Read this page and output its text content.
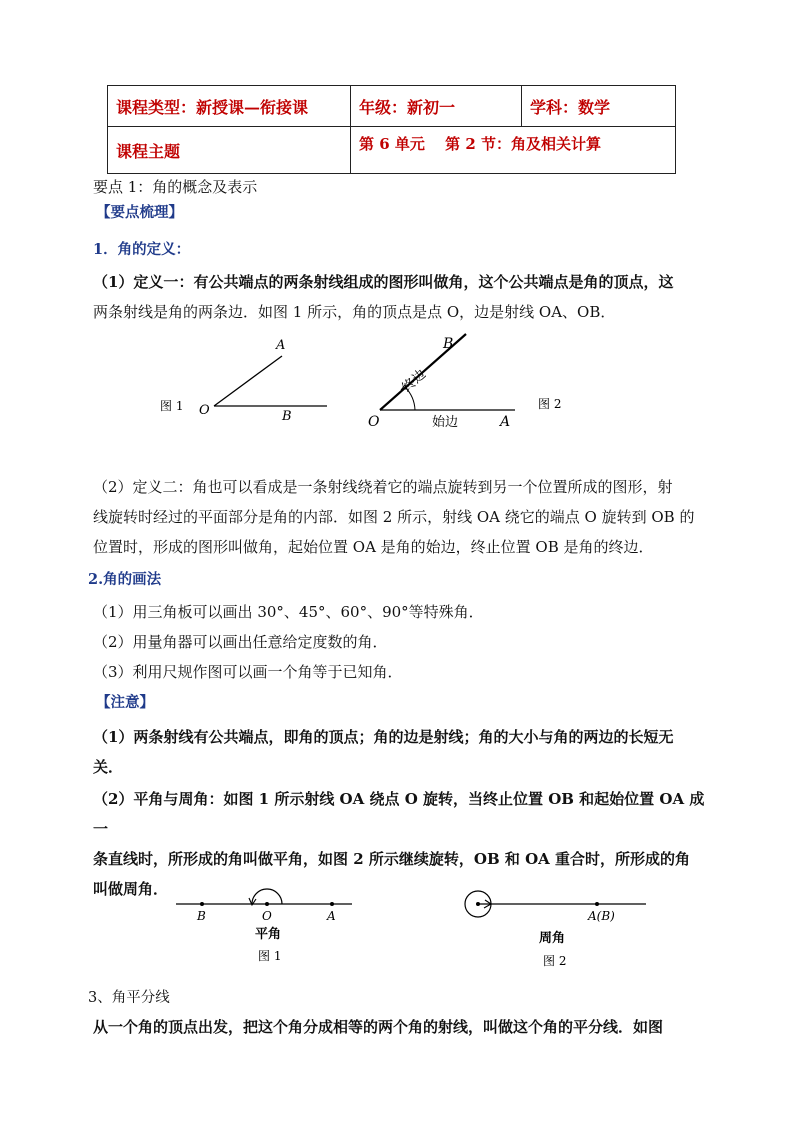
课程类型：新授课—衔接课	年级：新初一	学科：数学
课程主题	第 6 单元　 第 2 节：角及相关计算	
要点 1：角的概念及表示
【要点梳理】
1．角的定义：

（1）定义一：有公共端点的两条射线组成的图形叫做角，这个公共端点是角的顶点，这

两条射线是角的两条边．如图 1 所示，角的顶点是点 O，边是射线 OA、OB．

图 1 O
A
B	O
B
A
终边
始边
图 2

（2）定义二：角也可以看成是一条射线绕着它的端点旋转到另一个位置所成的图形，射

线旋转时经过的平面部分是角的内部．如图 2 所示，射线 OA 绕它的端点 O 旋转到 OB 的

位置时，形成的图形叫做角，起始位置 OA 是角的始边，终止位置 OB 是角的终边．

2.角的画法

（1）用三角板可以画出 30°、45°、60°、90°等特殊角．

（2）用量角器可以画出任意给定度数的角．

（3）利用尺规作图可以画一个角等于已知角．

【注意】

（1）两条射线有公共端点，即角的顶点；角的边是射线；角的大小与角的两边的长短无

关．

（2）平角与周角：如图 1 所示射线 OA 绕点 O 旋转，当终止位置 OB 和起始位置 OA 成一

条直线时，所形成的角叫做平角，如图 2 所示继续旋转，OB 和 OA 重合时，所形成的角

叫做周角．

B	O	A
平角
图 1
A(B)
周角
图 2
3、角平分线

从一个角的顶点出发，把这个角分成相等的两个角的射线，叫做这个角的平分线．如图
